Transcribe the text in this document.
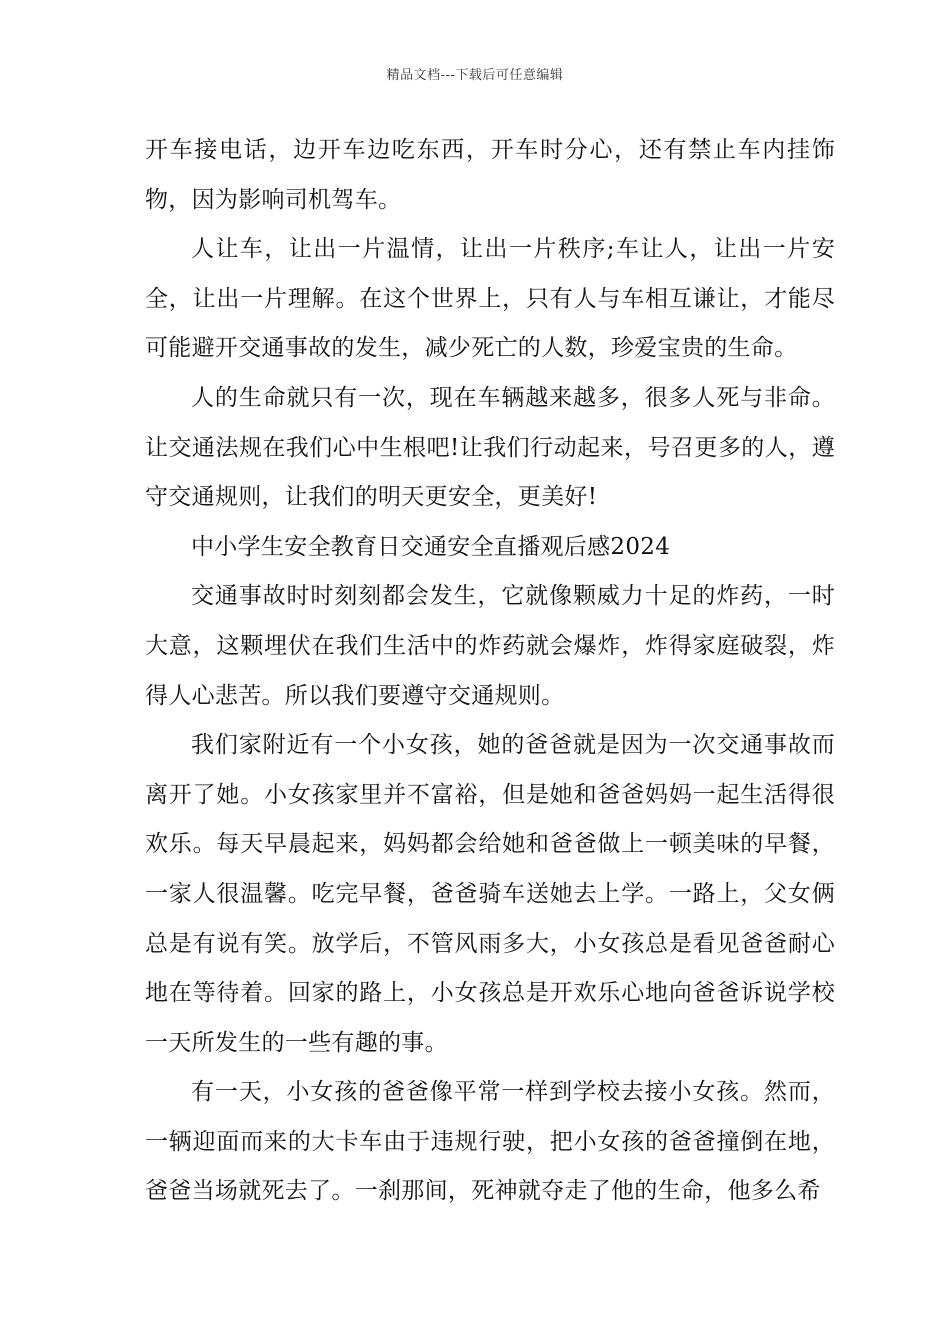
精品文档---下载后可任意编辑

开车接电话，边开车边吃东西，开车时分心，还有禁止车内挂饰物，因为影响司机驾车。

人让车，让出一片温情，让出一片秩序;车让人，让出一片安全，让出一片理解。在这个世界上，只有人与车相互谦让，才能尽可能避开交通事故的发生，减少死亡的人数，珍爱宝贵的生命。

人的生命就只有一次，现在车辆越来越多，很多人死与非命。让交通法规在我们心中生根吧!让我们行动起来，号召更多的人，遵守交通规则，让我们的明天更安全，更美好!

中小学生安全教育日交通安全直播观后感2024

交通事故时时刻刻都会发生，它就像颗威力十足的炸药，一时大意，这颗埋伏在我们生活中的炸药就会爆炸，炸得家庭破裂，炸得人心悲苦。所以我们要遵守交通规则。

我们家附近有一个小女孩，她的爸爸就是因为一次交通事故而离开了她。小女孩家里并不富裕，但是她和爸爸妈妈一起生活得很欢乐。每天早晨起来，妈妈都会给她和爸爸做上一顿美味的早餐，一家人很温馨。吃完早餐，爸爸骑车送她去上学。一路上，父女俩总是有说有笑。放学后，不管风雨多大，小女孩总是看见爸爸耐心地在等待着。回家的路上，小女孩总是开欢乐心地向爸爸诉说学校一天所发生的一些有趣的事。

有一天，小女孩的爸爸像平常一样到学校去接小女孩。然而，一辆迎面而来的大卡车由于违规行驶，把小女孩的爸爸撞倒在地，爸爸当场就死去了。一刹那间，死神就夺走了他的生命，他多么希
